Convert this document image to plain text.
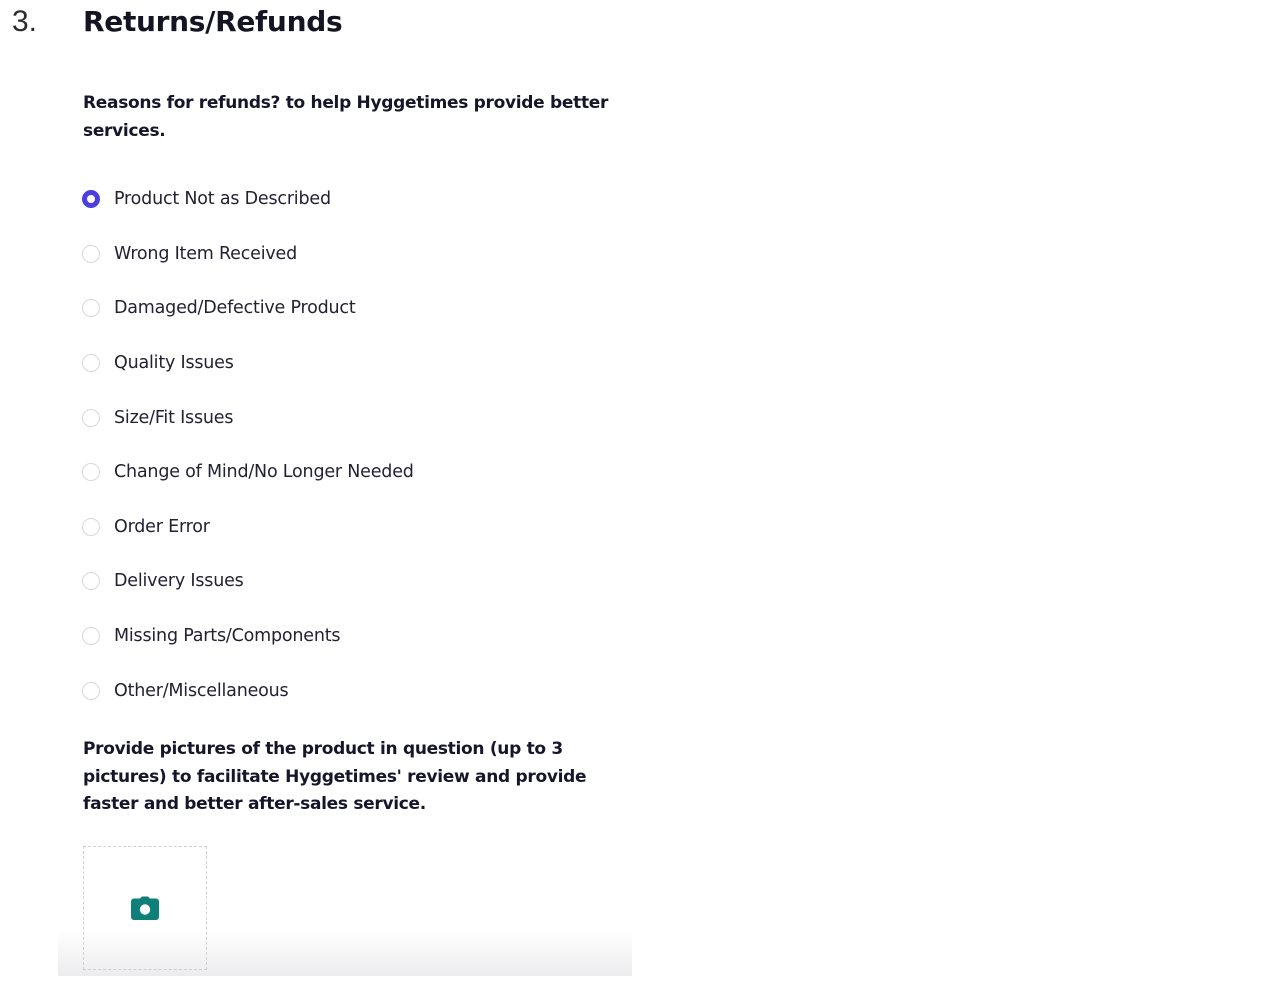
3. Returns/Refunds

Reasons for refunds? to help Hyggetimes provide better services.

Product Not as Described
Wrong Item Received
Damaged/Defective Product
Quality Issues
Size/Fit Issues
Change of Mind/No Longer Needed
Order Error
Delivery Issues
Missing Parts/Components
Other/Miscellaneous

Provide pictures of the product in question (up to 3 pictures) to facilitate Hyggetimes' review and provide faster and better after-sales service.
